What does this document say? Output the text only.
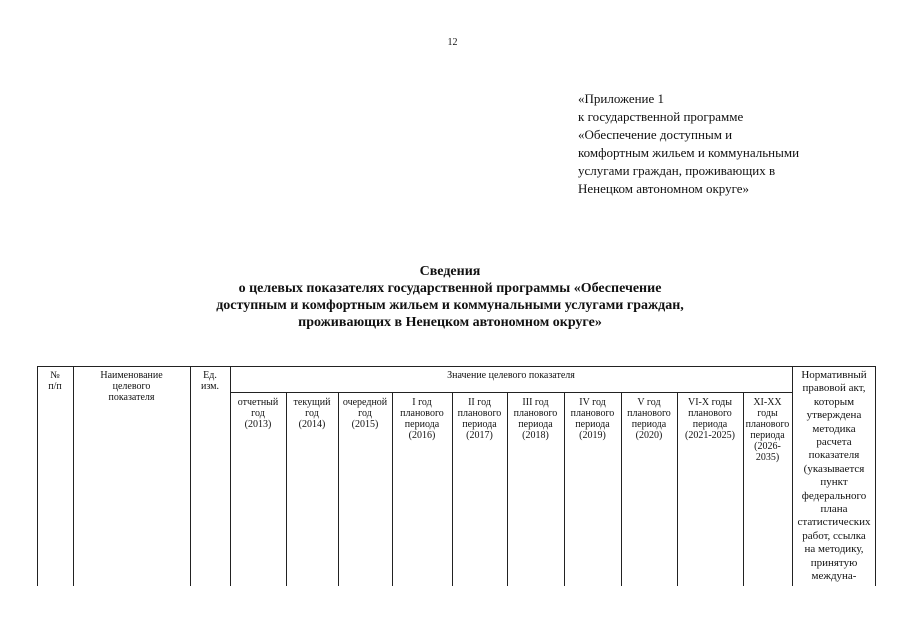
12
«Приложение 1
к государственной программе
«Обеспечение доступным и
комфортным жильем и коммунальными
услугами граждан, проживающих в
Ненецком автономном округе»
Сведения
о целевых показателях государственной программы «Обеспечение
доступным и комфортным жильем и коммунальными услугами граждан,
проживающих в Ненецком автономном округе»
№
п/п
Наименование
целевого
показателя
Ед.
изм.
Значение целевого показателя
отчетный
год
(2013)
текущий
год
(2014)
очередной
год
(2015)
I год
планового
периода
(2016)
II год
планового
периода
(2017)
III год
планового
периода
(2018)
IV год
планового
периода
(2019)
V год
планового
периода
(2020)
VI-X годы
планового
периода
(2021-2025)
XI-XX
годы
планового
периода
(2026-
2035)
Нормативный
правовой акт,
которым
утверждена
методика
расчета
показателя
(указывается
пункт
федерального
плана
статистических
работ, ссылка
на методику,
принятую
междуна-
